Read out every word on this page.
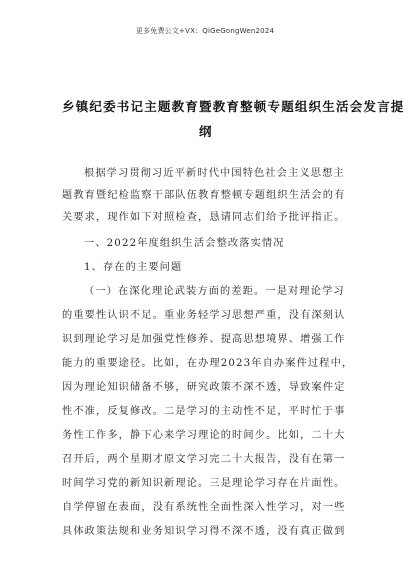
更多免费公文+VX：QiGeGongWen2024
乡镇纪委书记主题教育暨教育整顿专题组织生活会发言提
纲
根据学习贯彻习近平新时代中国特色社会主义思想主
题教育暨纪检监察干部队伍教育整顿专题组织生活会的有
关要求，现作如下对照检查，恳请同志们给予批评指正。
一、2022年度组织生活会整改落实情况
1、存在的主要问题
（一）在深化理论武装方面的差距。一是对理论学习
的重要性认识不足。重业务轻学习思想严重，没有深刻认
识到理论学习是加强党性修养、提高思想境界、增强工作
能力的重要途径。比如，在办理2023年自办案件过程中，
因为理论知识储备不够，研究政策不深不透，导致案件定
性不准，反复修改。二是学习的主动性不足，平时忙于事
务性工作多，静下心来学习理论的时间少。比如，二十大
召开后，两个星期才原文学习完二十大报告，没有在第一
时间学习党的新知识新理论。三是理论学习存在片面性。
自学停留在表面，没有系统性全面性深入性学习，对一些
具体政策法规和业务知识学习得不深不透，没有真正做到
